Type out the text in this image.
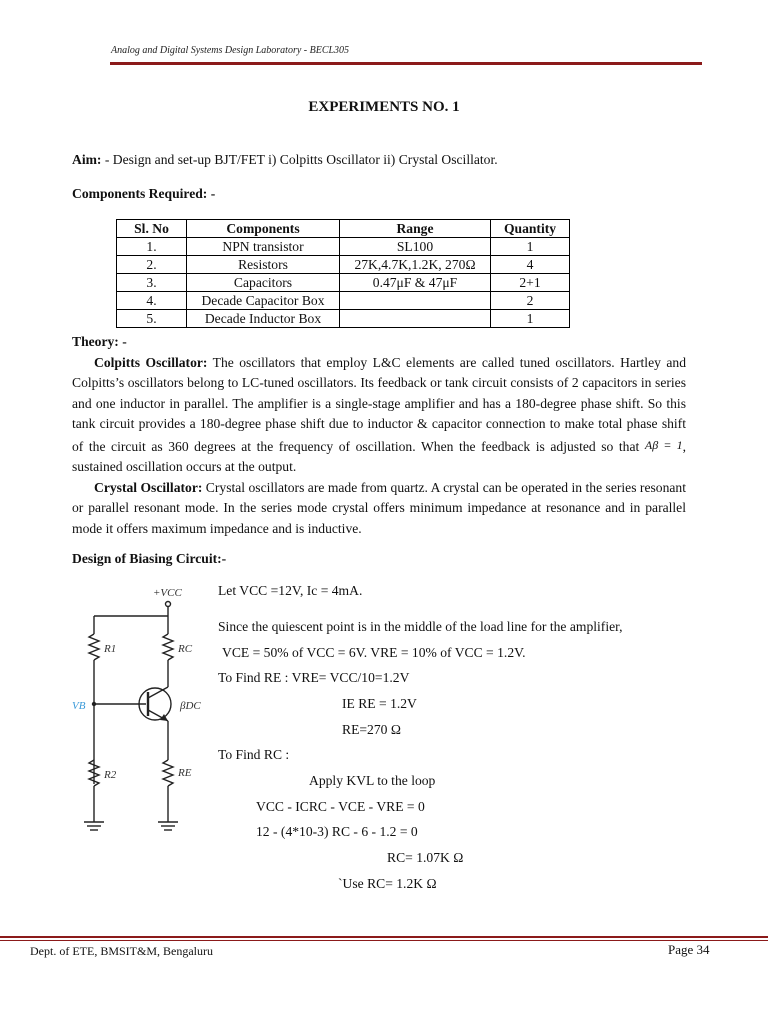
Analog and Digital Systems Design Laboratory - BECL305
EXPERIMENTS NO. 1
Aim: - Design and set-up BJT/FET i) Colpitts Oscillator ii) Crystal Oscillator.
Components Required: -
Sl. No	Components	Range	Quantity
1.	NPN transistor	SL100	1
2.	Resistors	27K,4.7K,1.2K, 270Ω	4
3.	Capacitors	0.47μF & 47μF	2+1
4.	Decade Capacitor Box		2
5.	Decade Inductor Box		1

Theory: -

Colpitts Oscillator: The oscillators that employ L&C elements are called tuned oscillators. Hartley and Colpitts’s oscillators belong to LC-tuned oscillators. Its feedback or tank circuit consists of 2 capacitors in series and one inductor in parallel. The amplifier is a single-stage amplifier and has a 180-degree phase shift. So this tank circuit provides a 180-degree phase shift due to inductor & capacitor connection to make total phase shift of the circuit as 360 degrees at the frequency of oscillation. When the feedback is adjusted so that Aβ = 1, sustained oscillation occurs at the output.

Crystal Oscillator: Crystal oscillators are made from quartz. A crystal can be operated in the series resonant or parallel resonant mode. In the series mode crystal offers minimum impedance at resonance and in parallel mode it offers maximum impedance and is inductive.

Design of Biasing Circuit:-
+VCC
R1	RC
VB	βDC
R2	RE
Let VCC =12V, Ic = 4mA.
Since the quiescent point is in the middle of the load line for the amplifier,
VCE = 50% of VCC = 6V. VRE = 10% of VCC = 1.2V.
To Find RE : VRE= VCC/10=1.2V
IE RE = 1.2V
RE=270 Ω
To Find RC :
Apply KVL to the loop
VCC - ICRC - VCE - VRE = 0
12 - (4*10-3) RC - 6 - 1.2 = 0
RC= 1.07K Ω
`Use RC= 1.2K Ω
Dept. of ETE, BMSIT&M, Bengaluru	Page 34
